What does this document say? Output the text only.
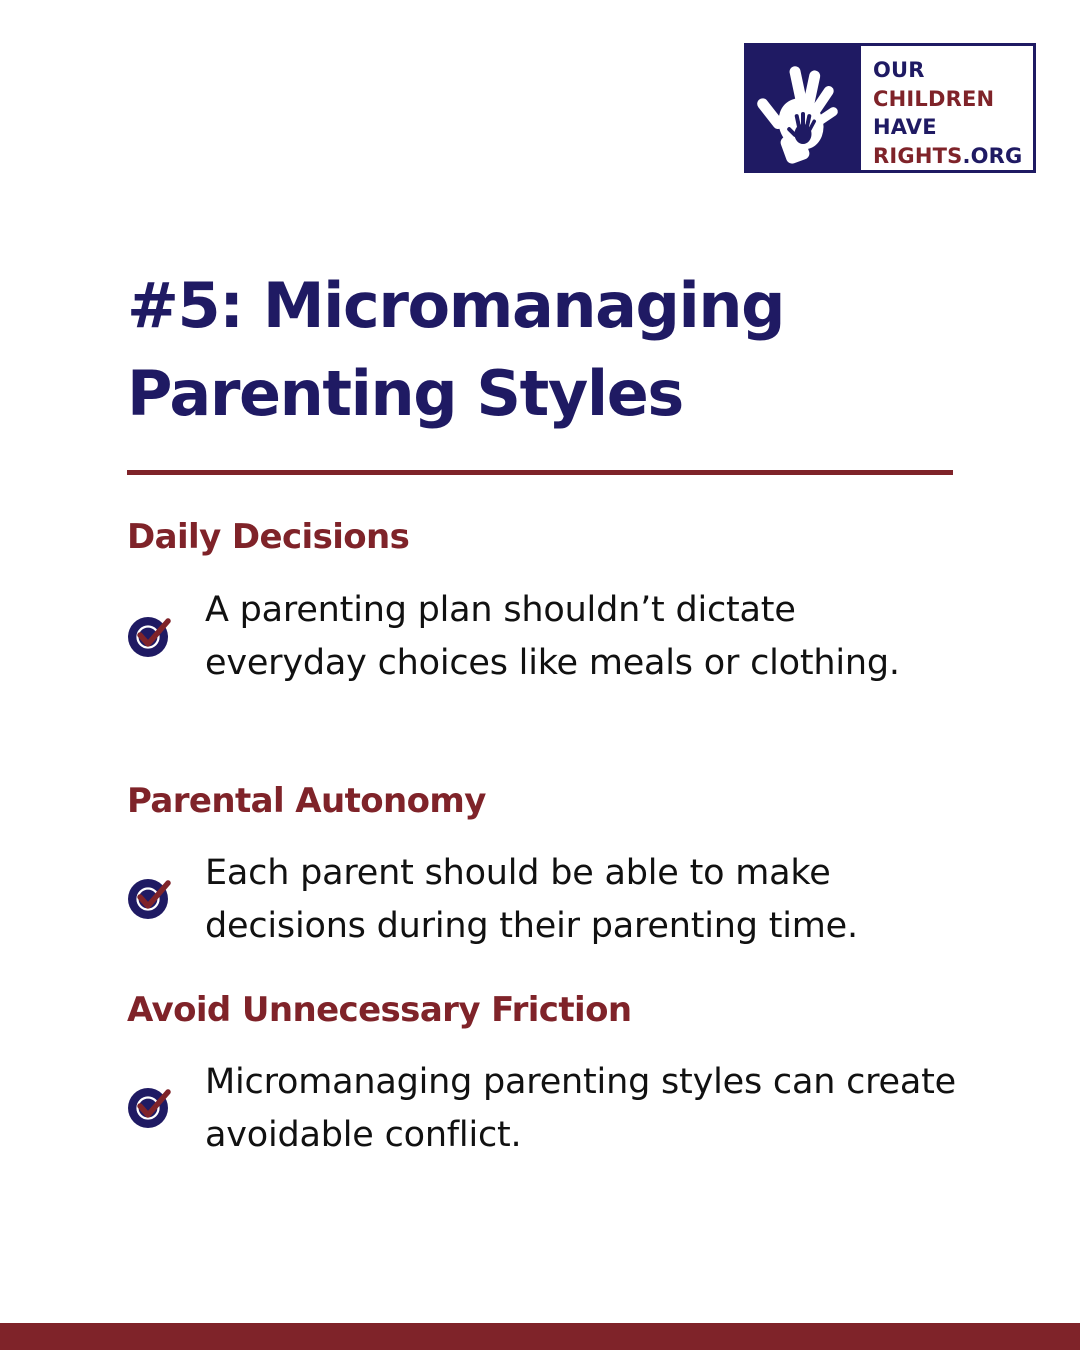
OUR
CHILDREN
HAVE
RIGHTS.ORG
#5: Micromanaging
Parenting Styles
Daily Decisions

A parenting plan shouldn’t dictate everyday choices like meals or clothing.

Parental Autonomy

Each parent should be able to make decisions during their parenting time.

Avoid Unnecessary Friction

Micromanaging parenting styles can create avoidable conflict.
